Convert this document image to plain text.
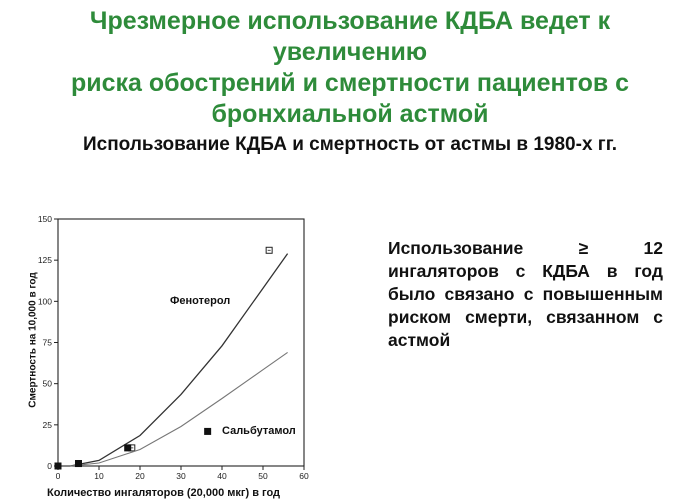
Чрезмерное использование КДБА ведет к увеличению
риска обострений и смертности пациентов с
бронхиальной астмой
Использование КДБА и смертность от астмы в 1980-х гг.
0	10	20	30	40	50	60
0
25
50
75
100
125
150
Смертность на 10,000 в год
Количество ингаляторов (20,000 мкг) в год
Фенотерол
Сальбутамол
Использование ≥ 12 ингаляторов с КДБА в год было связано с повышенным риском смерти, связанном с астмой
